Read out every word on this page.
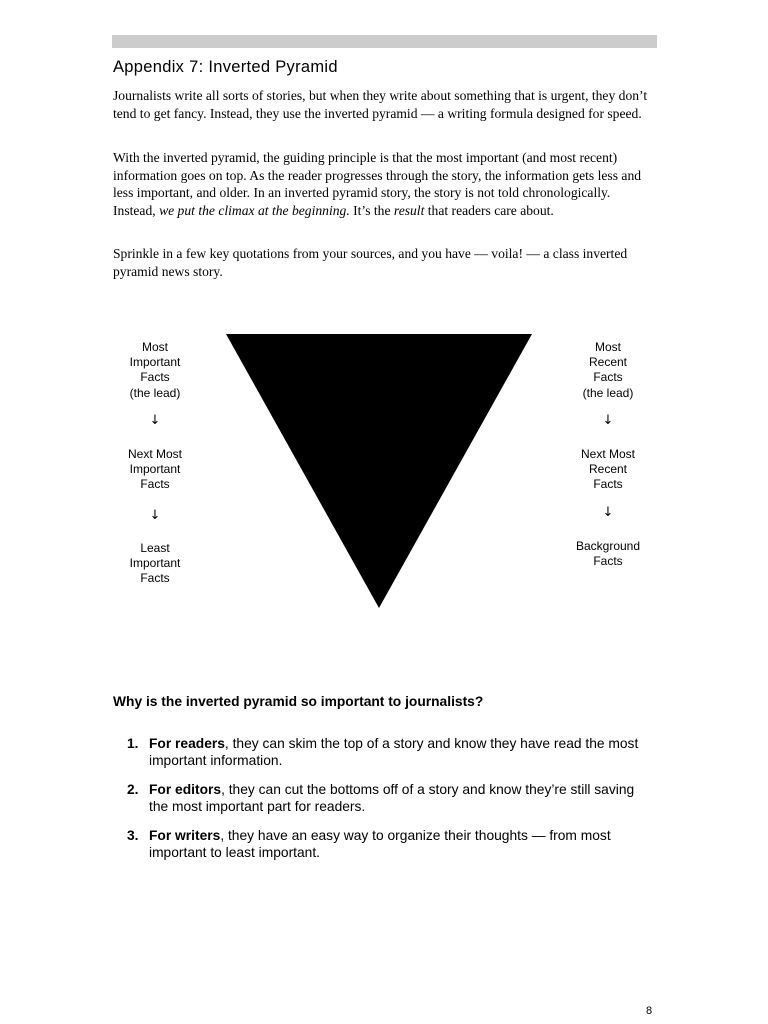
Appendix 7: Inverted Pyramid

Journalists write all sorts of stories, but when they write about something that is urgent, they don’t tend to get fancy. Instead, they use the inverted pyramid — a writing formula designed for speed.

With the inverted pyramid, the guiding principle is that the most important (and most recent) information goes on top. As the reader progresses through the story, the information gets less and less important, and older. In an inverted pyramid story, the story is not told chronologically. Instead, we put the climax at the beginning. It’s the result that readers care about.

Sprinkle in a few key quotations from your sources, and you have — voila! — a class inverted pyramid news story.

Most
Important
Facts
(the lead)
↓
Next Most
Important
Facts
↓
Least
Important
Facts
Most
Recent
Facts
(the lead)
↓
Next Most
Recent
Facts
↓
Background
Facts
Why is the inverted pyramid so important to journalists?
1. For readers, they can skim the top of a story and know they have read the most important information.
2. For editors, they can cut the bottoms off of a story and know they’re still saving the most important part for readers.
3. For writers, they have an easy way to organize their thoughts — from most important to least important.
8
